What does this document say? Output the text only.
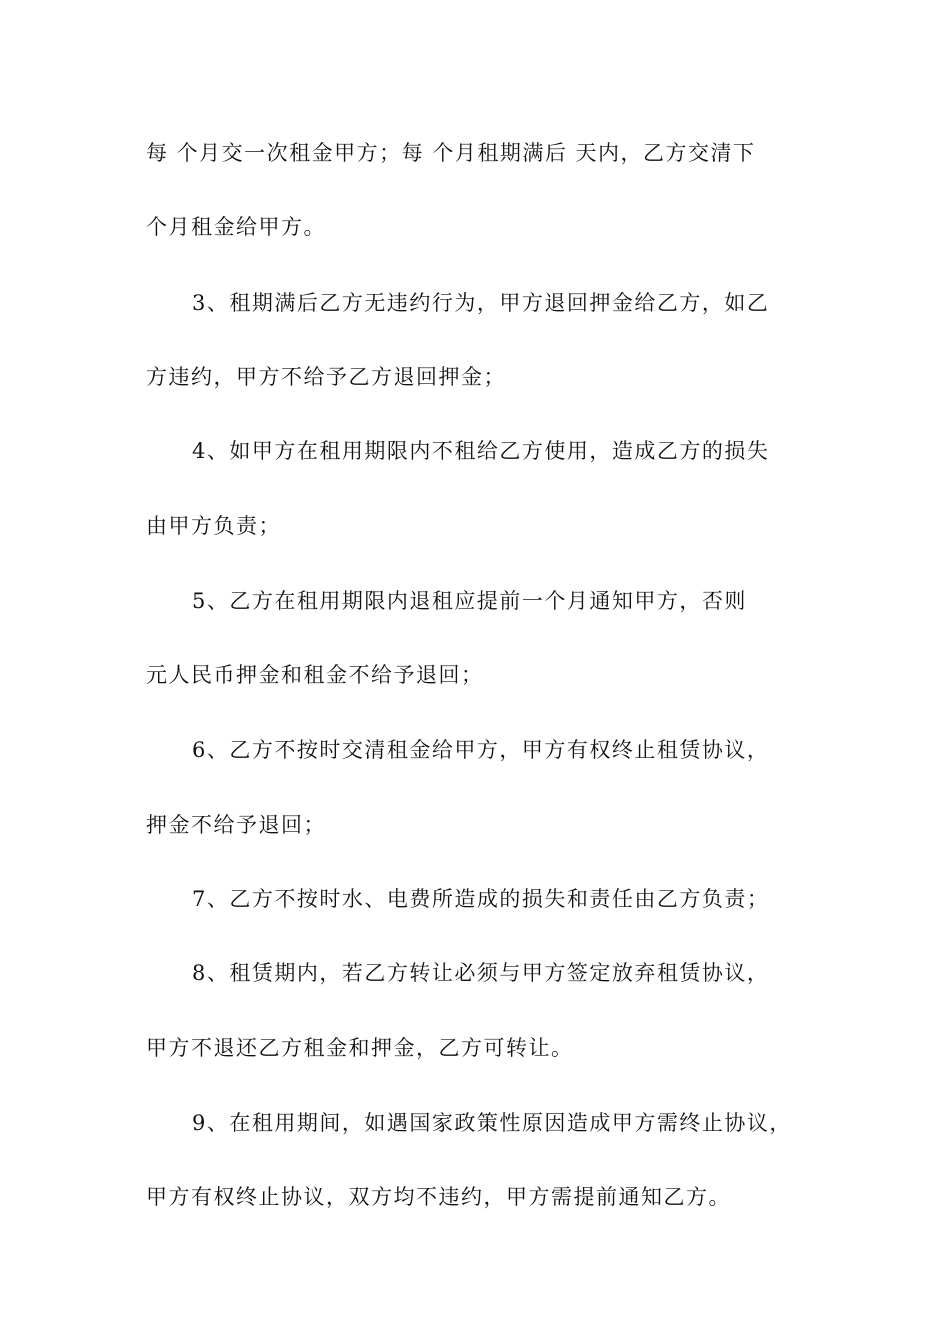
每 个月交一次租金甲方；每 个月租期满后 天内，乙方交清下
个月租金给甲方。
3、租期满后乙方无违约行为，甲方退回押金给乙方，如乙
方违约，甲方不给予乙方退回押金；
4、如甲方在租用期限内不租给乙方使用，造成乙方的损失
由甲方负责；
5、乙方在租用期限内退租应提前一个月通知甲方，否则
元人民币押金和租金不给予退回；
6、乙方不按时交清租金给甲方，甲方有权终止租赁协议，
押金不给予退回；
7、乙方不按时水、电费所造成的损失和责任由乙方负责；
8、租赁期内，若乙方转让必须与甲方签定放弃租赁协议，
甲方不退还乙方租金和押金，乙方可转让。
9、在租用期间，如遇国家政策性原因造成甲方需终止协议，
甲方有权终止协议，双方均不违约，甲方需提前通知乙方。
